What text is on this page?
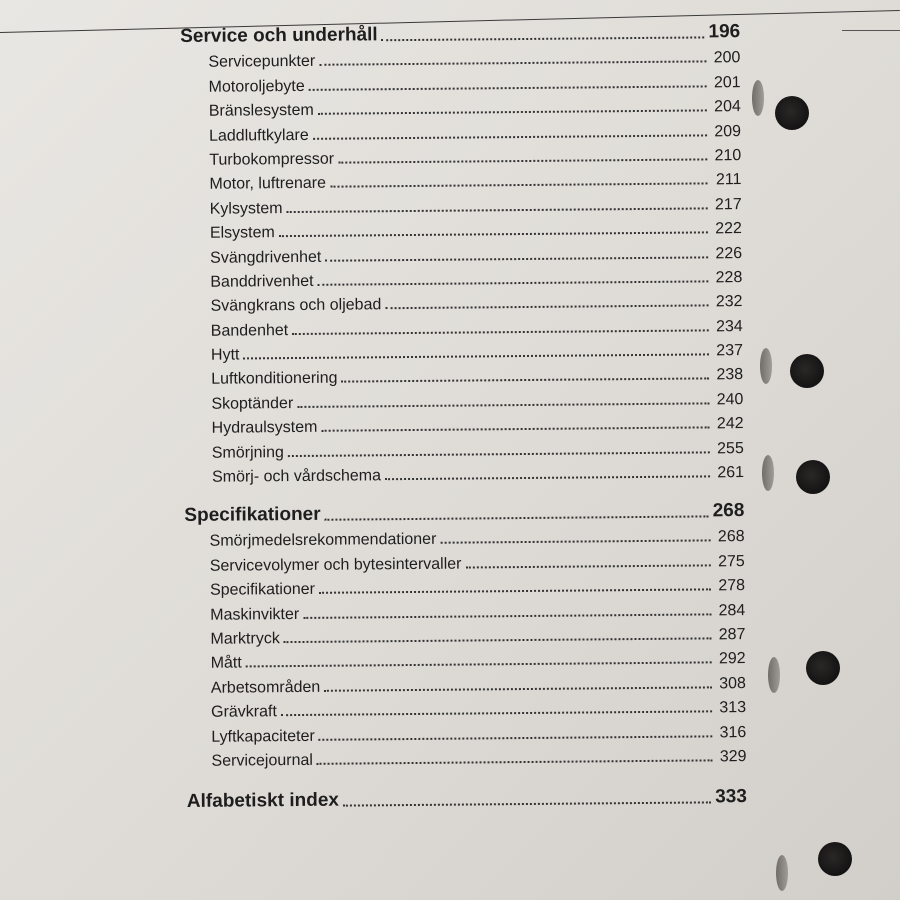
Service och underhåll	196
Servicepunkter	200
Motoroljebyte	201
Bränslesystem	204
Laddluftkylare	209
Turbokompressor	210
Motor, luftrenare	211
Kylsystem	217
Elsystem	222
Svängdrivenhet	226
Banddrivenhet	228
Svängkrans och oljebad	232
Bandenhet	234
Hytt	237
Luftkonditionering	238
Skoptänder	240
Hydraulsystem	242
Smörjning	255
Smörj- och vårdschema	261
Specifikationer	268
Smörjmedelsrekommendationer	268
Servicevolymer och bytesintervaller	275
Specifikationer	278
Maskinvikter	284
Marktryck	287
Mått	292
Arbetsområden	308
Grävkraft	313
Lyftkapaciteter	316
Servicejournal	329
Alfabetiskt index	333
